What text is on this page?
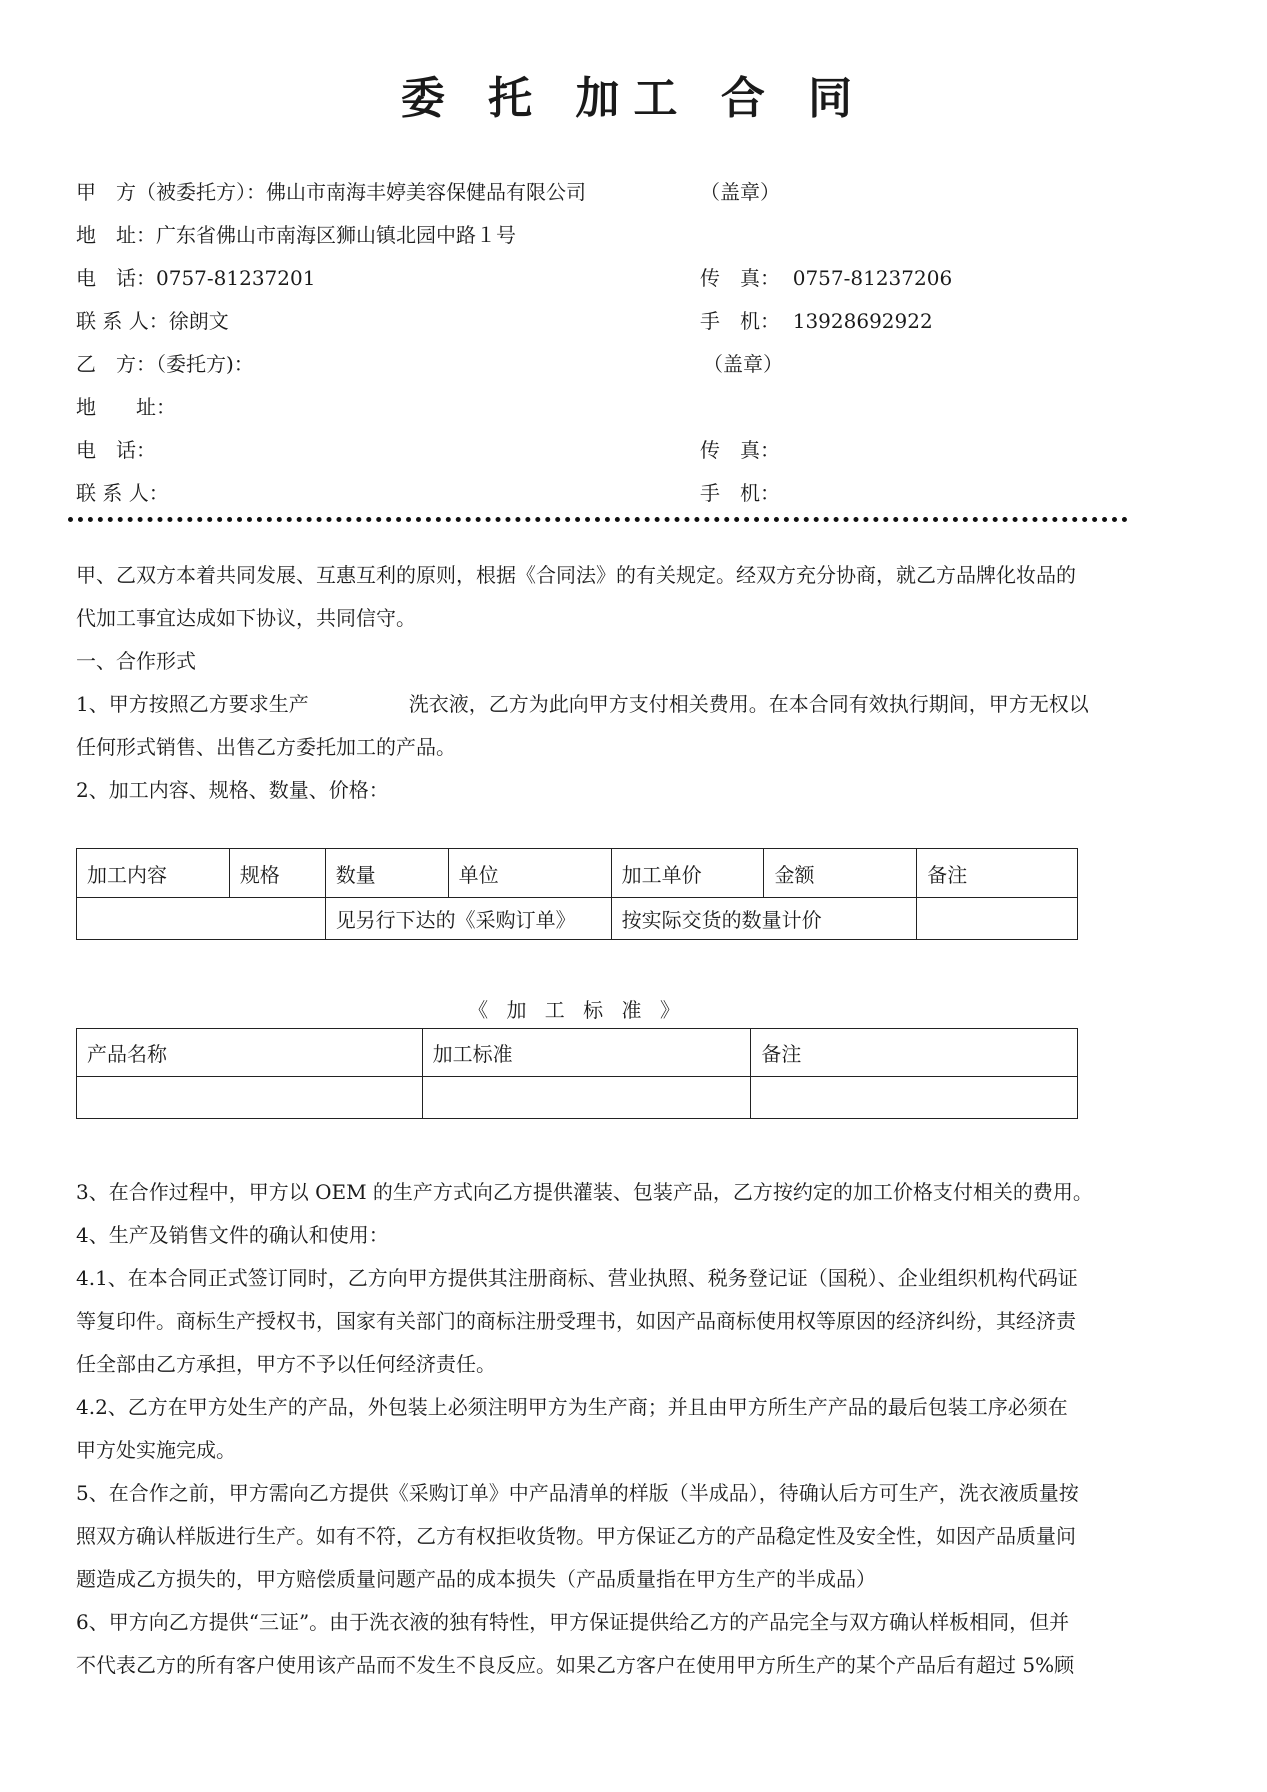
委 托 加工 合 同
甲　方（被委托方）：佛山市南海丰婷美容保健品有限公司	（盖章）
地　址：广东省佛山市南海区狮山镇北园中路１号
电　话：0757-81237201	传　真： 0757-81237206
联 系 人：徐朗文	手　机： 13928692922
乙　方：（委托方)：	（盖章）
地　　址：
电　话：	传　真：
联 系 人：	手　机：

甲、乙双方本着共同发展、互惠互利的原则，根据《合同法》的有关规定。经双方充分协商，就乙方品牌化妆品的

代加工事宜达成如下协议，共同信守。

一、合作形式

1、甲方按照乙方要求生产　　　　　洗衣液，乙方为此向甲方支付相关费用。在本合同有效执行期间，甲方无权以

任何形式销售、出售乙方委托加工的产品。

2、加工内容、规格、数量、价格：

加工内容	规格	数量	单位	加工单价	金额	备注
		见另行下达的《采购订单》		按实际交货的数量计价		
《 加 工 标 准 》
产品名称	加工标准	备注

3、在合作过程中，甲方以 OEM 的生产方式向乙方提供灌装、包装产品，乙方按约定的加工价格支付相关的费用。

4、生产及销售文件的确认和使用：

4.1、在本合同正式签订同时，乙方向甲方提供其注册商标、营业执照、税务登记证（国税）、企业组织机构代码证

等复印件。商标生产授权书，国家有关部门的商标注册受理书，如因产品商标使用权等原因的经济纠纷，其经济责

任全部由乙方承担，甲方不予以任何经济责任。

4.2、乙方在甲方处生产的产品，外包装上必须注明甲方为生产商；并且由甲方所生产产品的最后包装工序必须在

甲方处实施完成。

5、在合作之前，甲方需向乙方提供《采购订单》中产品清单的样版（半成品），待确认后方可生产，洗衣液质量按

照双方确认样版进行生产。如有不符，乙方有权拒收货物。甲方保证乙方的产品稳定性及安全性，如因产品质量问

题造成乙方损失的，甲方赔偿质量问题产品的成本损失（产品质量指在甲方生产的半成品）

6、甲方向乙方提供“三证”。由于洗衣液的独有特性，甲方保证提供给乙方的产品完全与双方确认样板相同，但并

不代表乙方的所有客户使用该产品而不发生不良反应。如果乙方客户在使用甲方所生产的某个产品后有超过 5%顾
